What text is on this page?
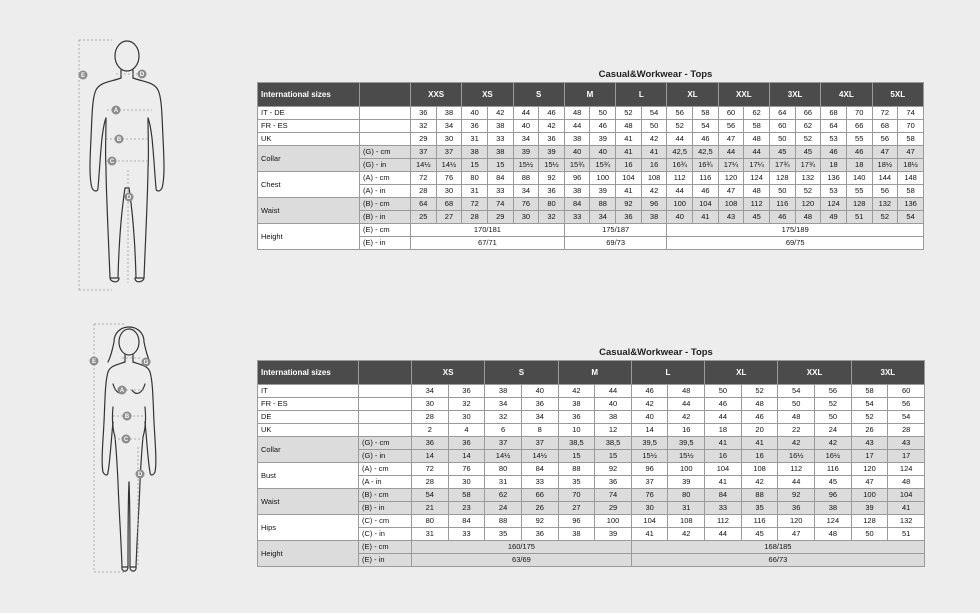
E	D
A
B
C
D
E	G
A
B
C
D
Casual&Workwear - Tops
International sizes		XXS		XS		S		M		L		XL		XXL		3XL		4XL		5XL	
IT - DE		36	38	40	42	44	46	48	50	52	54	56	58	60	62	64	66	68	70	72	74
FR - ES		32	34	36	38	40	42	44	46	48	50	52	54	56	58	60	62	64	66	68	70
UK		29	30	31	33	34	36	38	39	41	42	44	46	47	48	50	52	53	55	56	58
Collar	(G) - cm	37	37	38	38	39	39	40	40	41	41	42,5	42,5	44	44	45	45	46	46	47	47
	(G) - in	14½	14½	15	15	15½	15½	15¾	15¾	16	16	16¾	16¾	17¼	17¼	17¾	17¾	18	18	18½	18½
Chest	(A) - cm	72	76	80	84	88	92	96	100	104	108	112	116	120	124	128	132	136	140	144	148
	(A) - in	28	30	31	33	34	36	38	39	41	42	44	46	47	48	50	52	53	55	56	58
Waist	(B) - cm	64	68	72	74	76	80	84	88	92	96	100	104	108	112	116	120	124	128	132	136
	(B) - in	25	27	28	29	30	32	33	34	36	38	40	41	43	45	46	48	49	51	52	54
Height	(E) - cm	170/181						175/187				175/189									
	(E) - in	67/71						69/73				69/75									
Casual&Workwear - Tops
International sizes		XS		S		M		L		XL		XXL		3XL	
IT		34	36	38	40	42	44	46	48	50	52	54	56	58	60
FR - ES		30	32	34	36	38	40	42	44	46	48	50	52	54	56
DE		28	30	32	34	36	38	40	42	44	46	48	50	52	54
UK		2	4	6	8	10	12	14	16	18	20	22	24	26	28
Collar	(G) - cm	36	36	37	37	38,5	38,5	39,5	39,5	41	41	42	42	43	43
	(G) - in	14	14	14½	14½	15	15	15½	15½	16	16	16½	16½	17	17
Bust	(A) - cm	72	76	80	84	88	92	96	100	104	108	112	116	120	124
	(A - in	28	30	31	33	35	36	37	39	41	42	44	45	47	48
Waist	(B) - cm	54	58	62	66	70	74	76	80	84	88	92	96	100	104
	(B) - in	21	23	24	26	27	29	30	31	33	35	36	38	39	41
Hips	(C) - cm	80	84	88	92	96	100	104	108	112	116	120	124	128	132
	(C) - in	31	33	35	36	38	39	41	42	44	45	47	48	50	51
Height	(E) - cm	160/175						168/185							
	(E) - in	63/69						66/73							
